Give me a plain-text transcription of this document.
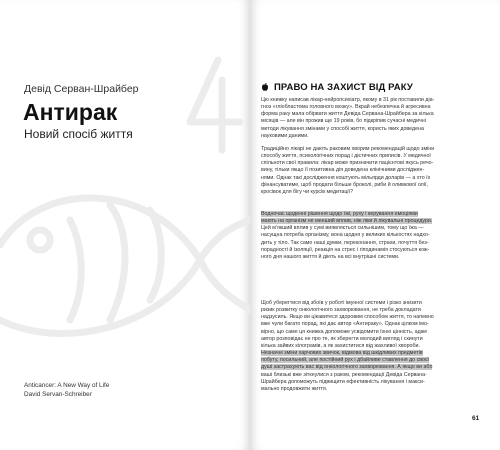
Девід Серван-Шрайбер
Антирак
Новий спосіб життя
Anticancer: A New Way of Life
David Servan-Schreiber
ПРАВО НА ЗАХИСТ ВІД РАКУ
Цю книжку написав лікар-нейропсихіатр, якому в 31 рік поставили діа-
гноз «гліобластома головного мозку». Вкрай небезпечна й агресивна
форма раку мала обірвати життя Девіда Сервана-Шрайбера за кілька
місяців — але він прожив ще 19 років, бо підкріпив сучасні медичні
методи лікування змінами у способі життя, користь яких доведена
науковими даними.
Традиційно лікарі не дають раковим хворим рекомендацій щодо зміни
способу життя, психологічних порад і дієтичних приписів. У медичної
спільноти свої правила: лікар може призначити пацієнтові якусь речо-
вину, тільки якщо її позитивна дія доведена клінічними досліджен-
нями. Однак такі дослідження коштують мільярди доларів — а хто їх
фінансуватиме, щоб продати більше броколі, риби й оливкової олії,
кросівок для бігу чи курсів медитації?
Водночас щоденні рішення щодо їжі, руху і керування емоціями
мають на організм не менший вплив, ніж ліки й лікувальні процедури.
Цей м'якший вплив у сумі виявляється сильнішим, тому що їжа —
насущна потреба організму, вона щодня у великих кількостях надхо-
дить у тіло. Так само наші думки, переконання, страхи, почуття без-
порадності й ізоляції, реакція на стрес і гіподинамія стосуються кож-
ного дня нашого життя й діють на всі внутрішні системи.
Щоб уберегтися від збоїв у роботі імунної системи і різко знизити
ризик розвитку онкологічного захворювання, не треба докладати
надзусиль. Якщо ви цікавитеся здоровим способом життя, то напевно
вже чули багато порад, які дає автор «Антираку». Однак цілком імо-
вірно, що саме ця книжка допоможе усвідомити їхню цінність, адже
автор розповідає не про те, як зберегти молодий вигляд і скинути
кілька зайвих кілограмів, а як захиститися від жахливої хвороби.
Незначні зміни харчових звичок, відмова від шкідливих предметів
побуту, посильний, але постійний рух і дбайливе ставлення до своєї
душі застрахують вас від онкологічного захворювання. А якщо ви або
ваші близькі вже зіткнулися з раком, рекомендації Девіда Сервана-
Шрайбера допоможуть підвищити ефективність лікування і макси-
мально продовжити життя.
61
